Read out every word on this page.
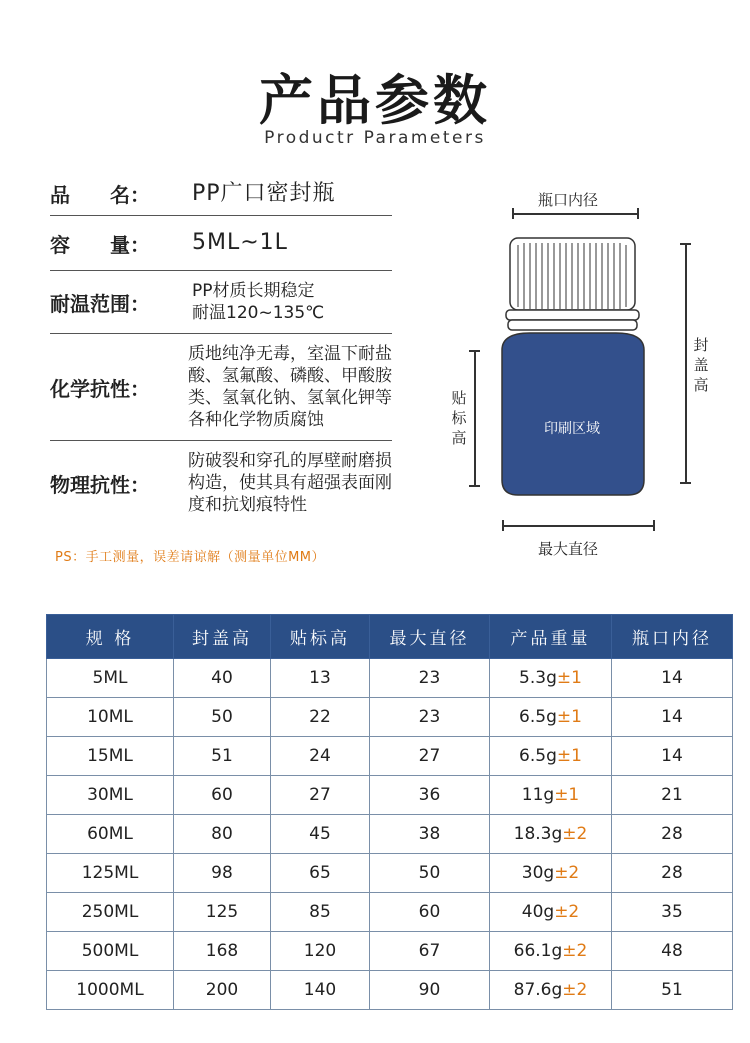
产品参数
Productr Parameters
品　　名：	PP广口密封瓶
容　　量：	5ML~1L
耐温范围：
PP材质长期稳定
耐温120~135℃
化学抗性：
质地纯净无毒，室温下耐盐
酸、氢氟酸、磷酸、甲酸胺
类、氢氧化钠、氢氧化钾等
各种化学物质腐蚀
物理抗性：
防破裂和穿孔的厚壁耐磨损
构造，使其具有超强表面刚
度和抗划痕特性
PS：手工测量，误差请谅解（测量单位MM）
瓶口内径
印刷区域
贴
标
高
封
盖
高
最大直径
规 格	封盖高	贴标高	最大直径	产品重量	瓶口内径
5ML	40	13	23	5.3g±1	14
10ML	50	22	23	6.5g±1	14
15ML	51	24	27	6.5g±1	14
30ML	60	27	36	11g±1	21
60ML	80	45	38	18.3g±2	28
125ML	98	65	50	30g±2	28
250ML	125	85	60	40g±2	35
500ML	168	120	67	66.1g±2	48
1000ML	200	140	90	87.6g±2	51
